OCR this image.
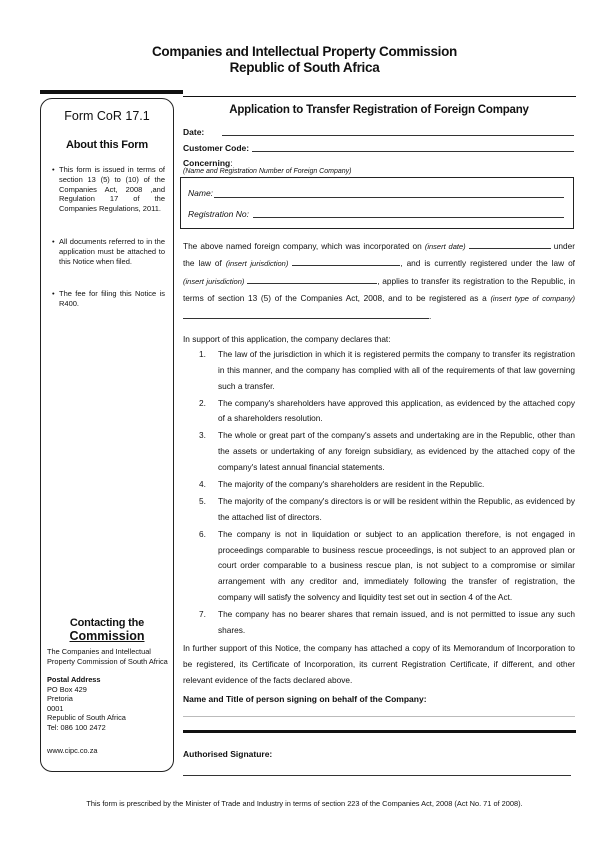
Companies and Intellectual Property Commission
Republic of South Africa
Form CoR 17.1
About this Form
• This form is issued in terms of section 13 (5) to (10) of the Companies Act, 2008 ,and Regulation 17 of the Companies Regulations, 2011.
• All documents referred to in the application must be attached to this Notice when filed.
• The fee for filing this Notice is R400.
Contacting the
Commission
The Companies and Intellectual Property Commission of South Africa
Postal Address
PO Box 429
Pretoria
0001
Republic of South Africa
Tel: 086 100 2472
www.cipc.co.za
Application to Transfer Registration of Foreign Company
Date:
Customer Code:
Concerning:
(Name and Registration Number of Foreign Company)
Name:
Registration No:
The above named foreign company, which was incorporated on (insert date)	under the law of (insert jurisdiction)	, and is currently registered under the law of (insert jurisdiction)	, applies to transfer its registration to the Republic, in terms of section 13 (5) of the Companies Act, 2008, and to be registered as a (insert type of company) .
In support of this application, the company declares that:
1. The law of the jurisdiction in which it is registered permits the company to transfer its registration in this manner, and the company has complied with all of the requirements of that law governing such a transfer.
2. The company's shareholders have approved this application, as evidenced by the attached copy of a shareholders resolution.
3. The whole or great part of the company's assets and undertaking are in the Republic, other than the assets or undertaking of any foreign subsidiary, as evidenced by the attached copy of the company's latest annual financial statements.
4. The majority of the company's shareholders are resident in the Republic.
5. The majority of the company's directors is or will be resident within the Republic, as evidenced by the attached list of directors.
6. The company is not in liquidation or subject to an application therefore, is not engaged in proceedings comparable to business rescue proceedings, is not subject to an approved plan or court order comparable to a business rescue plan, is not subject to a compromise or similar arrangement with any creditor and, immediately following the transfer of registration, the company will satisfy the solvency and liquidity test set out in section 4 of the Act.
7. The company has no bearer shares that remain issued, and is not permitted to issue any such shares.
In further support of this Notice, the company has attached a copy of its Memorandum of Incorporation to be registered, its Certificate of Incorporation, its current Registration Certificate, if different, and other relevant evidence of the facts declared above.
Name and Title of person signing on behalf of the Company:
Authorised Signature:
This form is prescribed by the Minister of Trade and Industry in terms of section 223 of the Companies Act, 2008 (Act No. 71 of 2008).
